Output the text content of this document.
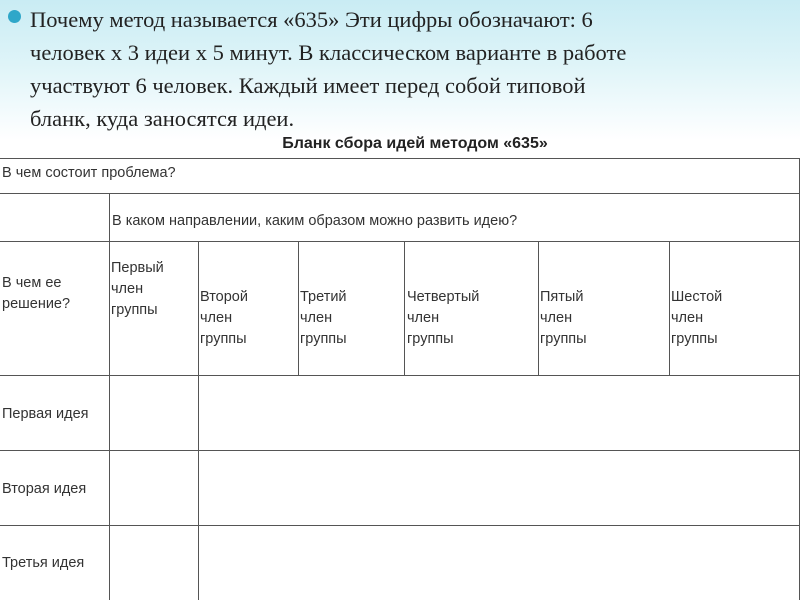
Почему метод называется «635» Эти цифры обозначают: 6
человек х 3 идеи х 5 минут. В классическом варианте в работе
участвуют 6 человек. Каждый имеет перед собой типовой
бланк, куда заносятся идеи.

Бланк сбора идей методом «635»
В чем состоит проблема?
В каком направлении, каким образом можно развить идею?
В чем ее
решение?
Первый
член
группы
Второй
член
группы
Третий
член
группы
Четвертый
член
группы
Пятый
член
группы
Шестой
член
группы
Первая идея
Вторая идея
Третья идея
